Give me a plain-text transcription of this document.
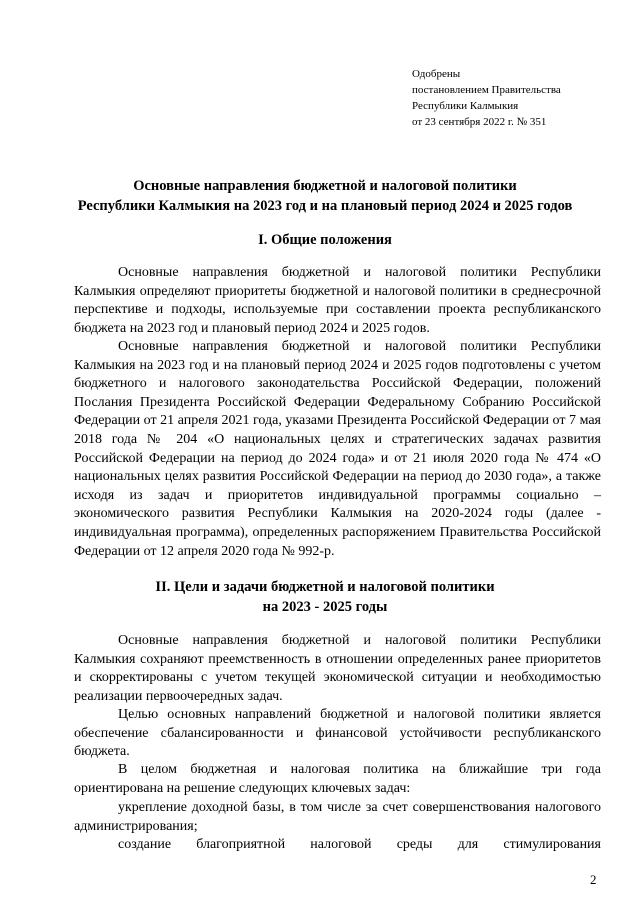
Одобрены
постановлением Правительства
Республики Калмыкия
от 23 сентября 2022 г. № 351
Основные направления бюджетной и налоговой политики
Республики Калмыкия на 2023 год и на плановый период 2024 и 2025 годов
I. Общие положения

Основные направления бюджетной и налоговой политики Республики Калмыкия определяют приоритеты бюджетной и налоговой политики в среднесрочной перспективе и подходы, используемые при составлении проекта республиканского бюджета на 2023 год и плановый период 2024 и 2025 годов.

Основные направления бюджетной и налоговой политики Республики Калмыкия на 2023 год и на плановый период 2024 и 2025 годов подготовлены с учетом бюджетного и налогового законодательства Российской Федерации, положений Послания Президента Российской Федерации Федеральному Собранию Российской Федерации от 21 апреля 2021 года, указами Президента Российской Федерации от 7 мая 2018 года № 204 «О национальных целях и стратегических задачах развития Российской Федерации на период до 2024 года» и от 21 июля 2020 года № 474 «О национальных целях развития Российской Федерации на период до 2030 года», а также исходя из задач и приоритетов индивидуальной программы социально – экономического развития Республики Калмыкия на 2020-2024 годы (далее - индивидуальная программа), определенных распоряжением Правительства Российской Федерации от 12 апреля 2020 года № 992-р.

II. Цели и задачи бюджетной и налоговой политики
на 2023 - 2025 годы

Основные направления бюджетной и налоговой политики Республики Калмыкия сохраняют преемственность в отношении определенных ранее приоритетов и скорректированы с учетом текущей экономической ситуации и необходимостью реализации первоочередных задач.

Целью основных направлений бюджетной и налоговой политики является обеспечение сбалансированности и финансовой устойчивости республиканского бюджета.

В целом бюджетная и налоговая политика на ближайшие три года ориентирована на решение следующих ключевых задач:

укрепление доходной базы, в том числе за счет совершенствования налогового администрирования;

создание благоприятной налоговой среды для стимулирования

2
